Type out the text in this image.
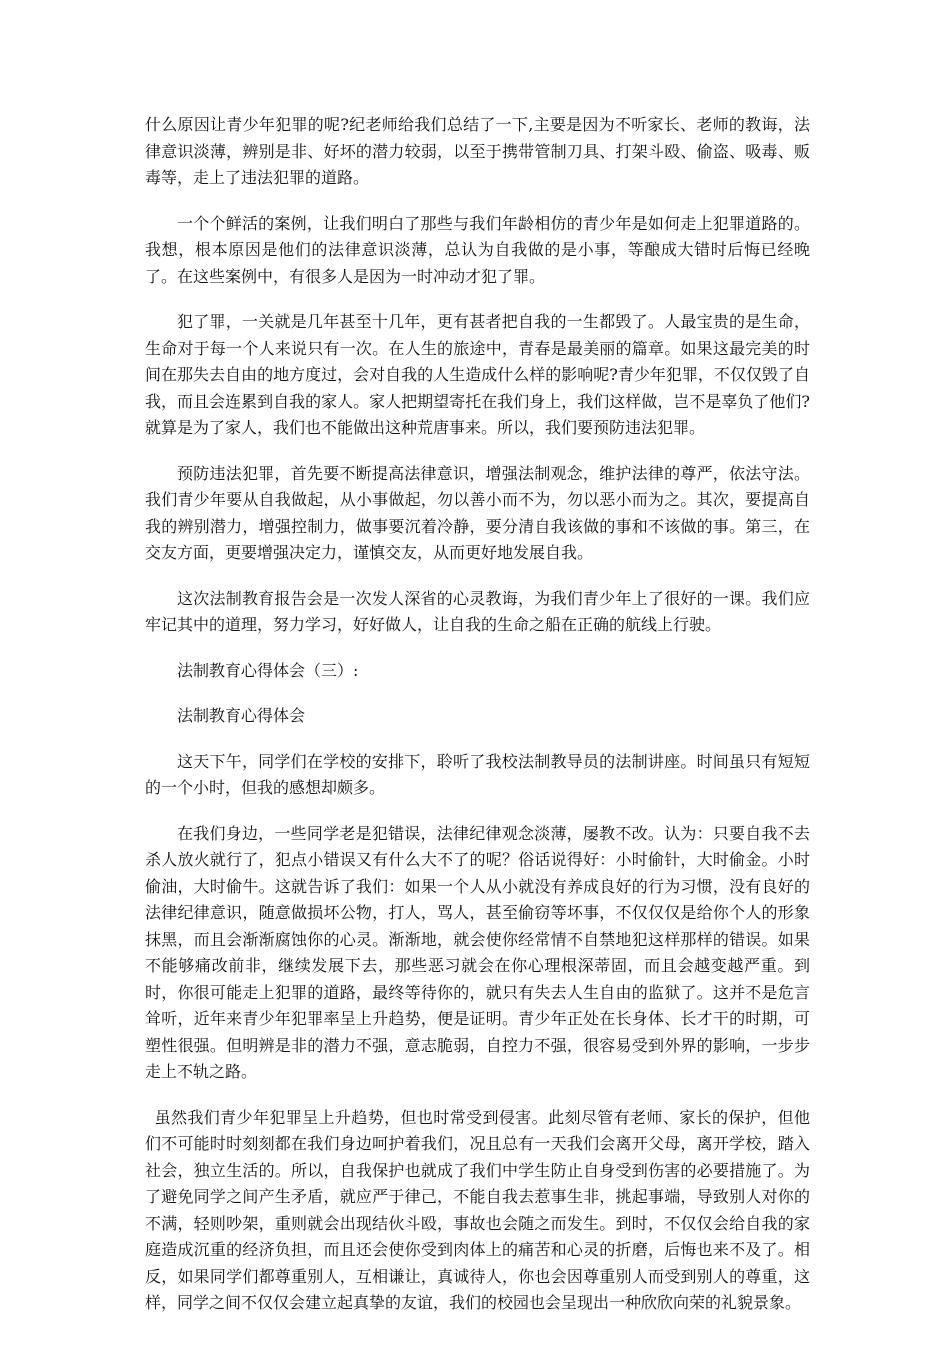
什么原因让青少年犯罪的呢?纪老师给我们总结了一下,主要是因为不听家长、老师的教诲，法律意识淡薄，辨别是非、好坏的潜力较弱，以至于携带管制刀具、打架斗殴、偷盗、吸毒、贩毒等，走上了违法犯罪的道路。

一个个鲜活的案例，让我们明白了那些与我们年龄相仿的青少年是如何走上犯罪道路的。我想，根本原因是他们的法律意识淡薄，总认为自我做的是小事，等酿成大错时后悔已经晚了。在这些案例中，有很多人是因为一时冲动才犯了罪。

犯了罪，一关就是几年甚至十几年，更有甚者把自我的一生都毁了。人最宝贵的是生命，生命对于每一个人来说只有一次。在人生的旅途中，青春是最美丽的篇章。如果这最完美的时间在那失去自由的地方度过，会对自我的人生造成什么样的影响呢?青少年犯罪，不仅仅毁了自我，而且会连累到自我的家人。家人把期望寄托在我们身上，我们这样做，岂不是辜负了他们?就算是为了家人，我们也不能做出这种荒唐事来。所以，我们要预防违法犯罪。

预防违法犯罪，首先要不断提高法律意识，增强法制观念，维护法律的尊严，依法守法。我们青少年要从自我做起，从小事做起，勿以善小而不为，勿以恶小而为之。其次，要提高自我的辨别潜力，增强控制力，做事要沉着冷静，要分清自我该做的事和不该做的事。第三，在交友方面，更要增强决定力，谨慎交友，从而更好地发展自我。

这次法制教育报告会是一次发人深省的心灵教诲，为我们青少年上了很好的一课。我们应牢记其中的道理，努力学习，好好做人，让自我的生命之船在正确的航线上行驶。

法制教育心得体会（三）:

法制教育心得体会

这天下午，同学们在学校的安排下，聆听了我校法制教导员的法制讲座。时间虽只有短短的一个小时，但我的感想却颇多。

在我们身边，一些同学老是犯错误，法律纪律观念淡薄，屡教不改。认为：只要自我不去杀人放火就行了，犯点小错误又有什么大不了的呢？俗话说得好：小时偷针，大时偷金。小时偷油，大时偷牛。这就告诉了我们：如果一个人从小就没有养成良好的行为习惯，没有良好的法律纪律意识，随意做损坏公物，打人，骂人，甚至偷窃等坏事，不仅仅仅是给你个人的形象抹黑，而且会渐渐腐蚀你的心灵。渐渐地，就会使你经常情不自禁地犯这样那样的错误。如果不能够痛改前非，继续发展下去，那些恶习就会在你心理根深蒂固，而且会越变越严重。到时，你很可能走上犯罪的道路，最终等待你的，就只有失去人生自由的监狱了。这并不是危言耸听，近年来青少年犯罪率呈上升趋势，便是证明。青少年正处在长身体、长才干的时期，可塑性很强。但明辨是非的潜力不强，意志脆弱，自控力不强，很容易受到外界的影响，一步步走上不轨之路。

虽然我们青少年犯罪呈上升趋势，但也时常受到侵害。此刻尽管有老师、家长的保护，但他们不可能时时刻刻都在我们身边呵护着我们，况且总有一天我们会离开父母，离开学校，踏入社会，独立生活的。所以，自我保护也就成了我们中学生防止自身受到伤害的必要措施了。为了避免同学之间产生矛盾，就应严于律己，不能自我去惹事生非，挑起事端，导致别人对你的不满，轻则吵架，重则就会出现结伙斗殴，事故也会随之而发生。到时，不仅仅会给自我的家庭造成沉重的经济负担，而且还会使你受到肉体上的痛苦和心灵的折磨，后悔也来不及了。相反，如果同学们都尊重别人，互相谦让，真诚待人，你也会因尊重别人而受到别人的尊重，这样，同学之间不仅仅会建立起真挚的友谊，我们的校园也会呈现出一种欣欣向荣的礼貌景象。
